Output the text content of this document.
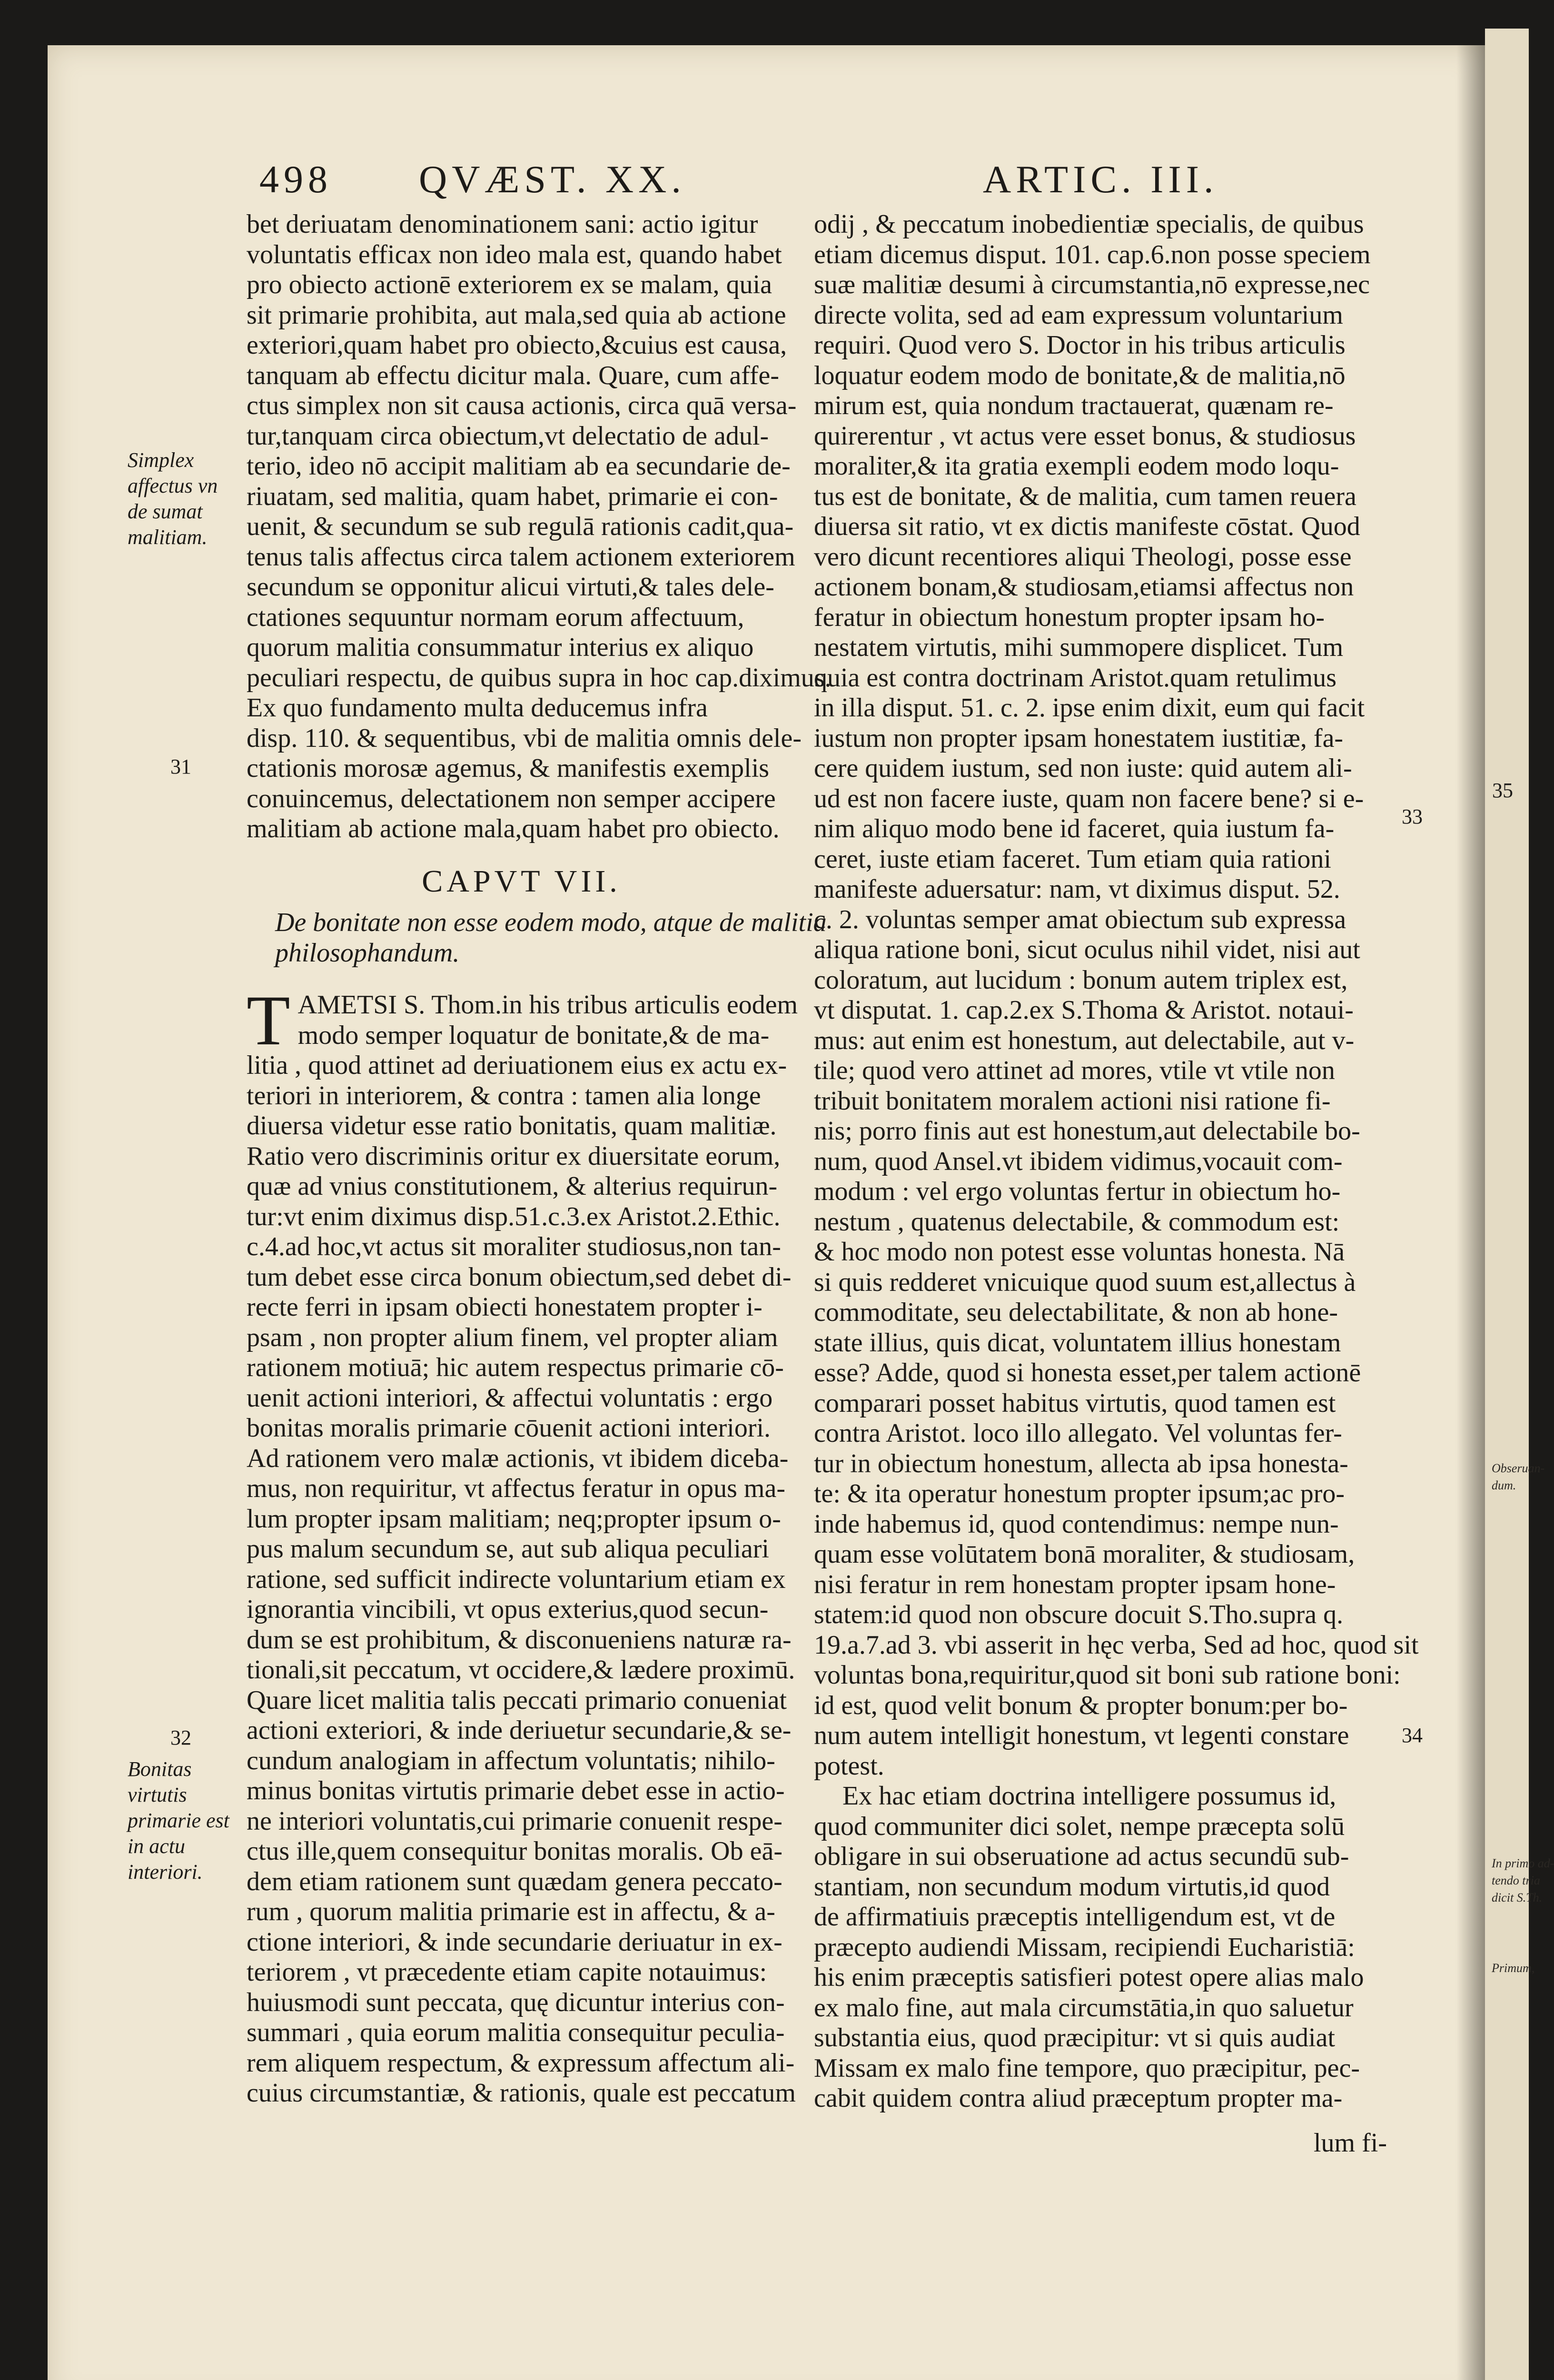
Obseruan-
dum.
In primo ad-
tendo tria
dicit S.Th.
Primum,
498 QVÆST. XX.	ARTIC. III.
Simplex affectus vn de sumat malitiam.
31
32
Bonitas virtutis primarie est in actu interiori.
33
34
35
bet deriuatam denominationem sani: actio igitur
voluntatis efficax non ideo mala est, quando habet
pro obiecto actionē exteriorem ex se malam, quia
sit primarie prohibita, aut mala,sed quia ab actione
exteriori,quam habet pro obiecto,&cuius est causa,
tanquam ab effectu dicitur mala. Quare, cum affe-
ctus simplex non sit causa actionis, circa quā versa-
tur,tanquam circa obiectum,vt delectatio de adul-
terio, ideo nō accipit malitiam ab ea secundarie de-
riuatam, sed malitia, quam habet, primarie ei con-
uenit, & secundum se sub regulā rationis cadit,qua-
tenus talis affectus circa talem actionem exteriorem
secundum se opponitur alicui virtuti,& tales dele-
ctationes sequuntur normam eorum affectuum,
quorum malitia consummatur interius ex aliquo
peculiari respectu, de quibus supra in hoc cap.diximus.
Ex quo fundamento multa deducemus infra
disp. 110. & sequentibus, vbi de malitia omnis dele-
ctationis morosæ agemus, & manifestis exemplis
conuincemus, delectationem non semper accipere
malitiam ab actione mala,quam habet pro obiecto.
CAPVT VII.
De bonitate non esse eodem modo, atque de malitia
philosophandum.
T AMETSI S. Thom.in his tribus articulis eodem
modo semper loquatur de bonitate,& de ma-
litia , quod attinet ad deriuationem eius ex actu ex-
teriori in interiorem, & contra : tamen alia longe
diuersa videtur esse ratio bonitatis, quam malitiæ.
Ratio vero discriminis oritur ex diuersitate eorum,
quæ ad vnius constitutionem, & alterius requirun-
tur:vt enim diximus disp.51.c.3.ex Aristot.2.Ethic.
c.4.ad hoc,vt actus sit moraliter studiosus,non tan-
tum debet esse circa bonum obiectum,sed debet di-
recte ferri in ipsam obiecti honestatem propter i-
psam , non propter alium finem, vel propter aliam
rationem motiuā; hic autem respectus primarie cō-
uenit actioni interiori, & affectui voluntatis : ergo
bonitas moralis primarie cōuenit actioni interiori.
Ad rationem vero malæ actionis, vt ibidem diceba-
mus, non requiritur, vt affectus feratur in opus ma-
lum propter ipsam malitiam; neq;propter ipsum o-
pus malum secundum se, aut sub aliqua peculiari
ratione, sed sufficit indirecte voluntarium etiam ex
ignorantia vincibili, vt opus exterius,quod secun-
dum se est prohibitum, & disconueniens naturæ ra-
tionali,sit peccatum, vt occidere,& lædere proximū.
Quare licet malitia talis peccati primario conueniat
actioni exteriori, & inde deriuetur secundarie,& se-
cundum analogiam in affectum voluntatis; nihilo-
minus bonitas virtutis primarie debet esse in actio-
ne interiori voluntatis,cui primarie conuenit respe-
ctus ille,quem consequitur bonitas moralis. Ob eā-
dem etiam rationem sunt quædam genera peccato-
rum , quorum malitia primarie est in affectu, & a-
ctione interiori, & inde secundarie deriuatur in ex-
teriorem , vt præcedente etiam capite notauimus:
huiusmodi sunt peccata, quę dicuntur interius con-
summari , quia eorum malitia consequitur peculia-
rem aliquem respectum, & expressum affectum ali-
cuius circumstantiæ, & rationis, quale est peccatum
odij , & peccatum inobedientiæ specialis, de quibus
etiam dicemus disput. 101. cap.6.non posse speciem
suæ malitiæ desumi à circumstantia,nō expresse,nec
directe volita, sed ad eam expressum voluntarium
requiri. Quod vero S. Doctor in his tribus articulis
loquatur eodem modo de bonitate,& de malitia,nō
mirum est, quia nondum tractauerat, quænam re-
quirerentur , vt actus vere esset bonus, & studiosus
moraliter,& ita gratia exempli eodem modo loqu-
tus est de bonitate, & de malitia, cum tamen reuera
diuersa sit ratio, vt ex dictis manifeste cōstat. Quod
vero dicunt recentiores aliqui Theologi, posse esse
actionem bonam,& studiosam,etiamsi affectus non
feratur in obiectum honestum propter ipsam ho-
nestatem virtutis, mihi summopere displicet. Tum
quia est contra doctrinam Aristot.quam retulimus
in illa disput. 51. c. 2. ipse enim dixit, eum qui facit
iustum non propter ipsam honestatem iustitiæ, fa-
cere quidem iustum, sed non iuste: quid autem ali-
ud est non facere iuste, quam non facere bene? si e-
nim aliquo modo bene id faceret, quia iustum fa-
ceret, iuste etiam faceret. Tum etiam quia rationi
manifeste aduersatur: nam, vt diximus disput. 52.
c. 2. voluntas semper amat obiectum sub expressa
aliqua ratione boni, sicut oculus nihil videt, nisi aut
coloratum, aut lucidum : bonum autem triplex est,
vt disputat. 1. cap.2.ex S.Thoma & Aristot. notaui-
mus: aut enim est honestum, aut delectabile, aut v-
tile; quod vero attinet ad mores, vtile vt vtile non
tribuit bonitatem moralem actioni nisi ratione fi-
nis; porro finis aut est honestum,aut delectabile bo-
num, quod Ansel.vt ibidem vidimus,vocauit com-
modum : vel ergo voluntas fertur in obiectum ho-
nestum , quatenus delectabile, & commodum est:
& hoc modo non potest esse voluntas honesta. Nā
si quis redderet vnicuique quod suum est,allectus à
commoditate, seu delectabilitate, & non ab hone-
state illius, quis dicat, voluntatem illius honestam
esse? Adde, quod si honesta esset,per talem actionē
comparari posset habitus virtutis, quod tamen est
contra Aristot. loco illo allegato. Vel voluntas fer-
tur in obiectum honestum, allecta ab ipsa honesta-
te: & ita operatur honestum propter ipsum;ac pro-
inde habemus id, quod contendimus: nempe nun-
quam esse volūtatem bonā moraliter, & studiosam,
nisi feratur in rem honestam propter ipsam hone-
statem:id quod non obscure docuit S.Tho.supra q.
19.a.7.ad 3. vbi asserit in hęc verba, Sed ad hoc, quod sit
voluntas bona,requiritur,quod sit boni sub ratione boni:
id est, quod velit bonum & propter bonum:per bo-
num autem intelligit honestum, vt legenti constare
potest.
Ex hac etiam doctrina intelligere possumus id,
quod communiter dici solet, nempe præcepta solū
obligare in sui obseruatione ad actus secundū sub-
stantiam, non secundum modum virtutis,id quod
de affirmatiuis præceptis intelligendum est, vt de
præcepto audiendi Missam, recipiendi Eucharistiā:
his enim præceptis satisfieri potest opere alias malo
ex malo fine, aut mala circumstātia,in quo saluetur
substantia eius, quod præcipitur: vt si quis audiat
Missam ex malo fine tempore, quo præcipitur, pec-
cabit quidem contra aliud præceptum propter ma-
lum fi-
